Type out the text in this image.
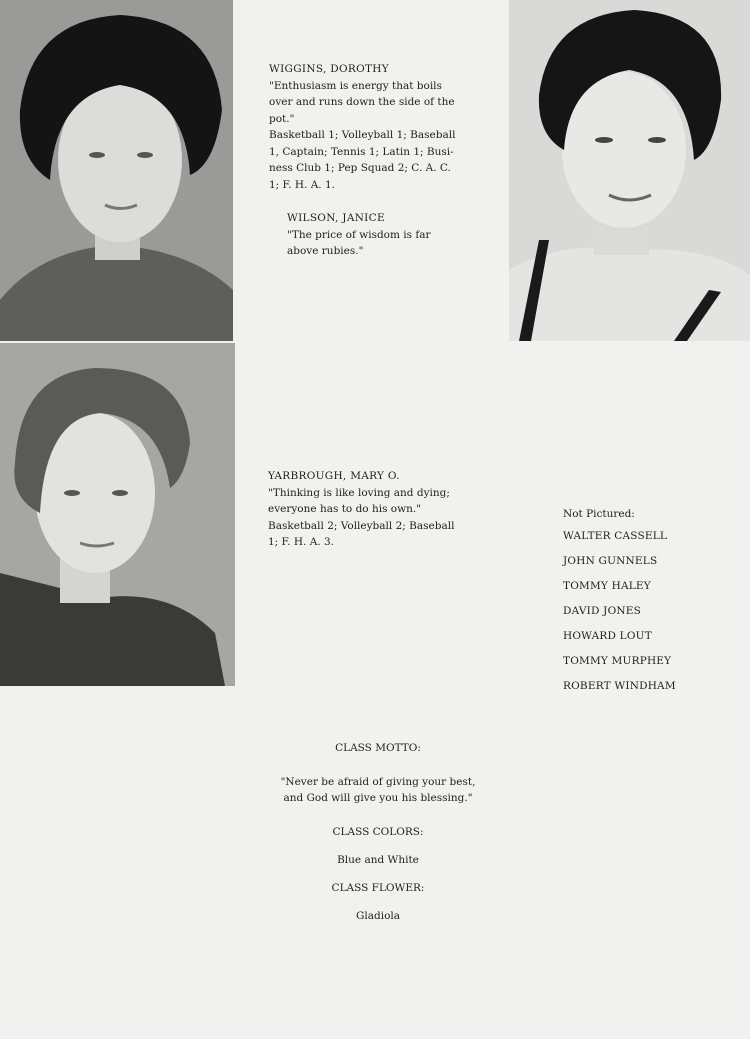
WIGGINS, DOROTHY
"Enthusiasm is energy that boils
over and runs down the side of the
pot."
Basketball 1; Volleyball 1; Baseball
1, Captain; Tennis 1; Latin 1; Busi-
ness Club 1; Pep Squad 2; C. A. C.
1; F. H. A. 1.
WILSON, JANICE
"The price of wisdom is far
above rubies."
YARBROUGH, MARY O.
"Thinking is like loving and dying;
everyone has to do his own."
Basketball 2; Volleyball 2; Baseball
1; F. H. A. 3.
Not Pictured:
WALTER CASSELL
JOHN GUNNELS
TOMMY HALEY
DAVID JONES
HOWARD LOUT
TOMMY MURPHEY
ROBERT WINDHAM
CLASS MOTTO:
"Never be afraid of giving your best,
and God will give you his blessing."
CLASS COLORS:
Blue and White
CLASS FLOWER:
Gladiola
